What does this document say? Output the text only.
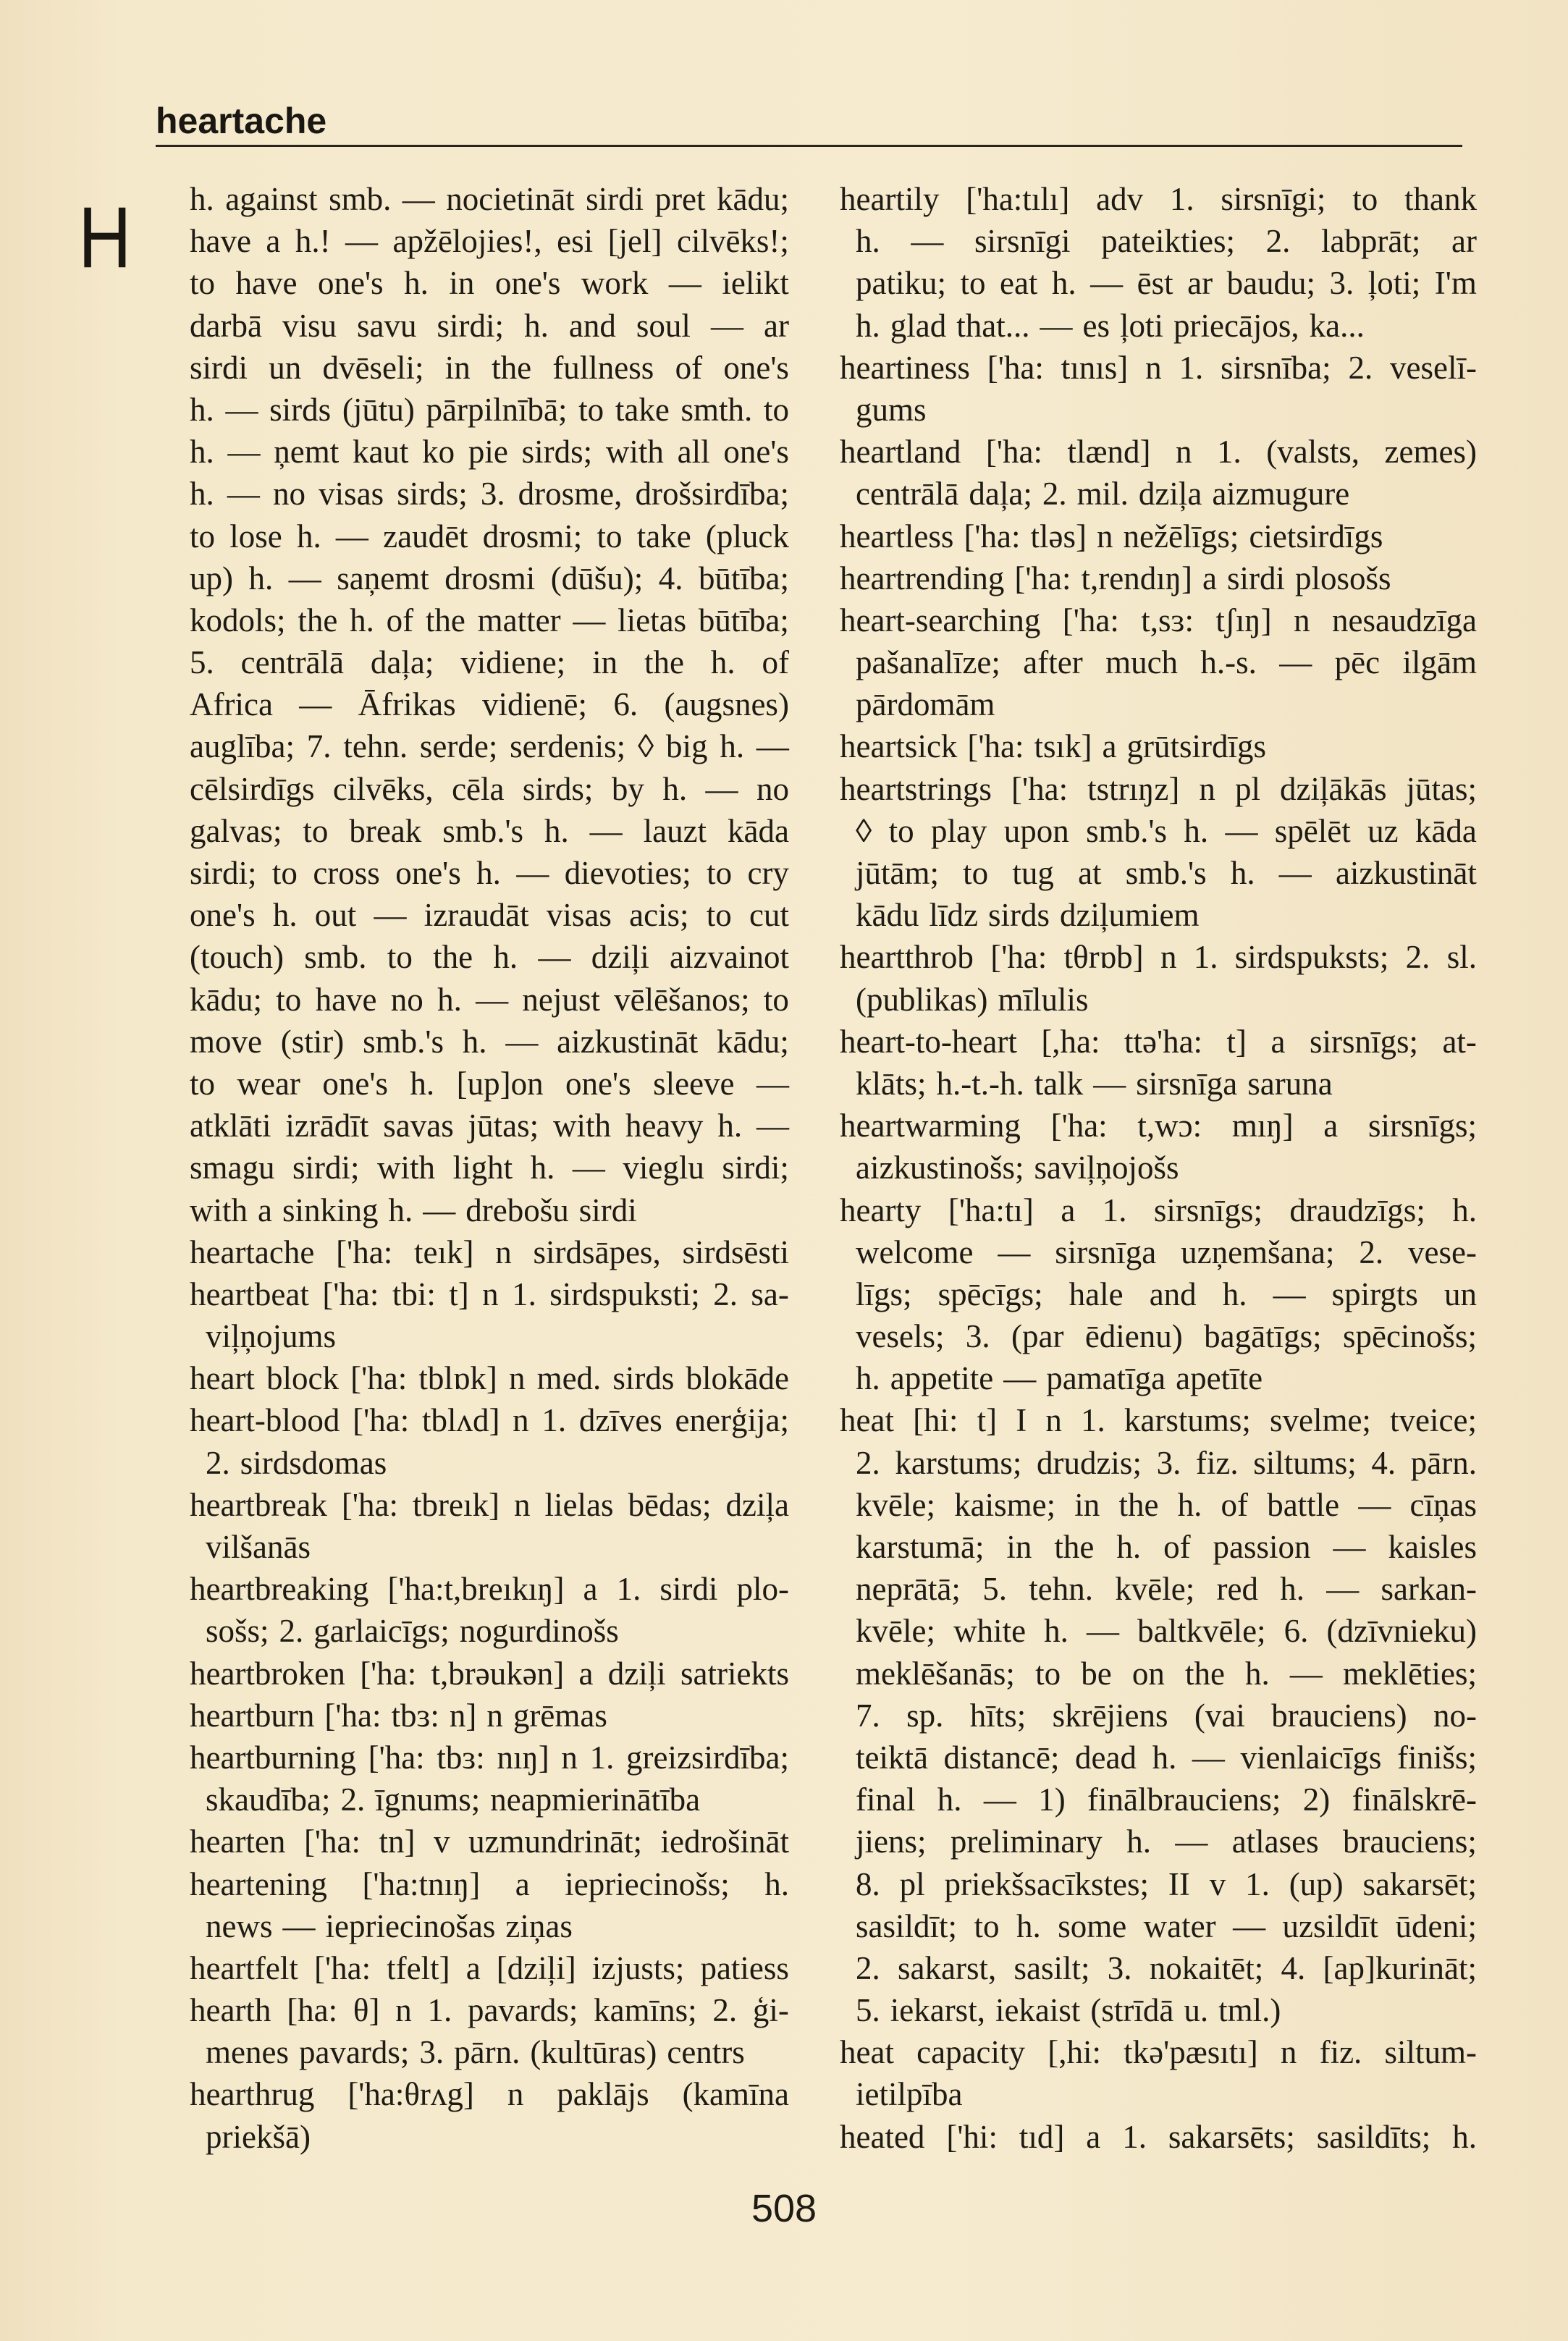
heartache
H h. against smb. — nocietināt sirdi pret kādu;
have a h.! — apžēlojies!, esi [jel] cilvēks!;
to have one's h. in one's work — ielikt
darbā visu savu sirdi; h. and soul — ar
sirdi un dvēseli; in the fullness of one's
h. — sirds (jūtu) pārpilnībā; to take smth. to
h. — ņemt kaut ko pie sirds; with all one's
h. — no visas sirds; 3. drosme, drošsirdība;
to lose h. — zaudēt drosmi; to take (pluck
up) h. — saņemt drosmi (dūšu); 4. būtība;
kodols; the h. of the matter — lietas būtība;
5. centrālā daļa; vidiene; in the h. of
Africa — Āfrikas vidienē; 6. (augsnes)
auglība; 7. tehn. serde; serdenis; ◊ big h. —
cēlsirdīgs cilvēks, cēla sirds; by h. — no
galvas; to break smb.'s h. — lauzt kāda
sirdi; to cross one's h. — dievoties; to cry
one's h. out — izraudāt visas acis; to cut
(touch) smb. to the h. — dziļi aizvainot
kādu; to have no h. — nejust vēlēšanos; to
move (stir) smb.'s h. — aizkustināt kādu;
to wear one's h. [up]on one's sleeve —
atklāti izrādīt savas jūtas; with heavy h. —
smagu sirdi; with light h. — vieglu sirdi;
with a sinking h. — drebošu sirdi
heartache ['ha: teık] n sirdsāpes, sirdsēsti
heartbeat ['ha: tbi: t] n 1. sirdspuksti; 2. sa-
viļņojums
heart block ['ha: tblɒk] n med. sirds blokāde
heart-blood ['ha: tblʌd] n 1. dzīves enerģija;
2. sirdsdomas
heartbreak ['ha: tbreık] n lielas bēdas; dziļa
vilšanās
heartbreaking ['ha:t,breıkıŋ] a 1. sirdi plo-
sošs; 2. garlaicīgs; nogurdinošs
heartbroken ['ha: t,brəukən] a dziļi satriekts
heartburn ['ha: tbɜ: n] n grēmas
heartburning ['ha: tbɜ: nıŋ] n 1. greizsirdība;
skaudība; 2. īgnums; neapmierinātība
hearten ['ha: tn] v uzmundrināt; iedrošināt
heartening ['ha:tnıŋ] a iepriecinošs; h.
news — iepriecinošas ziņas
heartfelt ['ha: tfelt] a [dziļi] izjusts; patiess
hearth [ha: θ] n 1. pavards; kamīns; 2. ģi-
menes pavards; 3. pārn. (kultūras) centrs
hearthrug ['ha:θrʌg] n paklājs (kamīna
priekšā)
heartily ['ha:tılı] adv 1. sirsnīgi; to thank
h. — sirsnīgi pateikties; 2. labprāt; ar
patiku; to eat h. — ēst ar baudu; 3. ļoti; I'm
h. glad that... — es ļoti priecājos, ka...
heartiness ['ha: tınıs] n 1. sirsnība; 2. veselī-
gums
heartland ['ha: tlænd] n 1. (valsts, zemes)
centrālā daļa; 2. mil. dziļa aizmugure
heartless ['ha: tləs] n nežēlīgs; cietsirdīgs
heartrending ['ha: t,rendıŋ] a sirdi plosošs
heart-searching ['ha: t,sɜ: tʃıŋ] n nesaudzīga
pašanalīze; after much h.-s. — pēc ilgām
pārdomām
heartsick ['ha: tsık] a grūtsirdīgs
heartstrings ['ha: tstrıŋz] n pl dziļākās jūtas;
◊ to play upon smb.'s h. — spēlēt uz kāda
jūtām; to tug at smb.'s h. — aizkustināt
kādu līdz sirds dziļumiem
heartthrob ['ha: tθrɒb] n 1. sirdspuksts; 2. sl.
(publikas) mīlulis
heart-to-heart [,ha: ttə'ha: t] a sirsnīgs; at-
klāts; h.-t.-h. talk — sirsnīga saruna
heartwarming ['ha: t,wɔ: mıŋ] a sirsnīgs;
aizkustinošs; saviļņojošs
hearty ['ha:tı] a 1. sirsnīgs; draudzīgs; h.
welcome — sirsnīga uzņemšana; 2. vese-
līgs; spēcīgs; hale and h. — spirgts un
vesels; 3. (par ēdienu) bagātīgs; spēcinošs;
h. appetite — pamatīga apetīte
heat [hi: t] I n 1. karstums; svelme; tveice;
2. karstums; drudzis; 3. fiz. siltums; 4. pārn.
kvēle; kaisme; in the h. of battle — cīņas
karstumā; in the h. of passion — kaisles
neprātā; 5. tehn. kvēle; red h. — sarkan-
kvēle; white h. — baltkvēle; 6. (dzīvnieku)
meklēšanās; to be on the h. — meklēties;
7. sp. hīts; skrējiens (vai brauciens) no-
teiktā distancē; dead h. — vienlaicīgs finišs;
final h. — 1) finālbrauciens; 2) finālskrē-
jiens; preliminary h. — atlases brauciens;
8. pl priekšsacīkstes; II v 1. (up) sakarsēt;
sasildīt; to h. some water — uzsildīt ūdeni;
2. sakarst, sasilt; 3. nokaitēt; 4. [ap]kurināt;
5. iekarst, iekaist (strīdā u. tml.)
heat capacity [,hi: tkə'pæsıtı] n fiz. siltum-
ietilpība
heated ['hi: tıd] a 1. sakarsēts; sasildīts; h.
508
